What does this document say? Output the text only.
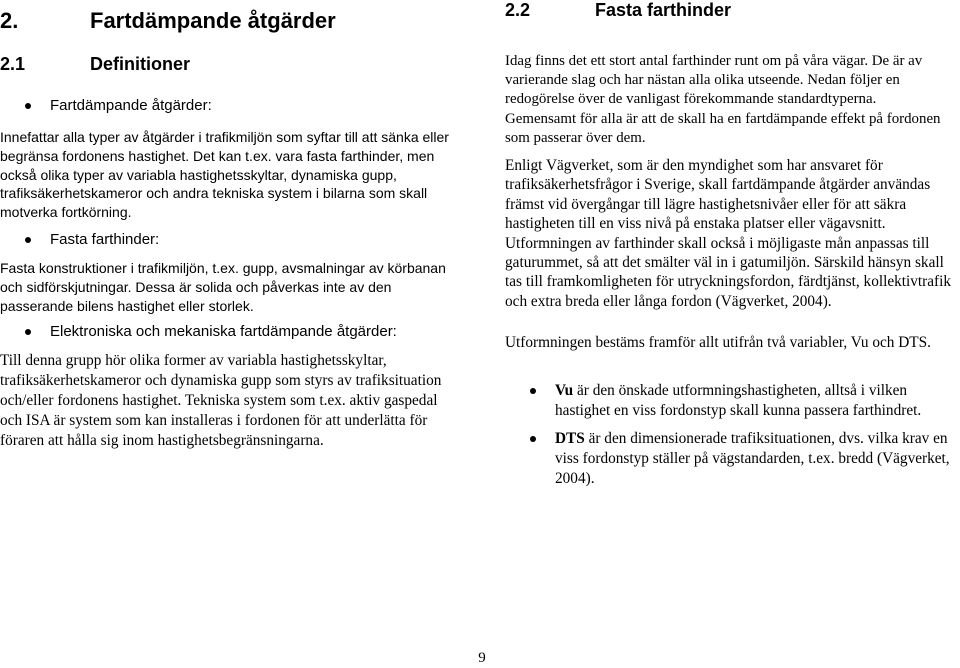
2.	Fartdämpande åtgärder
2.1	Definitioner
Fartdämpande åtgärder:

Innefattar alla typer av åtgärder i trafikmiljön som syftar till att sänka eller begränsa fordonens hastighet. Det kan t.ex. vara fasta farthinder, men också olika typer av variabla hastighetsskyltar, dynamiska gupp, trafiksäkerhetskameror och andra tekniska system i bilarna som skall motverka fortkörning.

Fasta farthinder:

Fasta konstruktioner i trafikmiljön, t.ex. gupp, avsmalningar av körbanan och sidförskjutningar. Dessa är solida och påverkas inte av den passerande bilens hastighet eller storlek.

Elektroniska och mekaniska fartdämpande åtgärder:

Till denna grupp hör olika former av variabla hastighetsskyltar, trafiksäkerhetskameror och dynamiska gupp som styrs av trafiksituation och/eller fordonens hastighet. Tekniska system som t.ex. aktiv gaspedal och ISA är system som kan installeras i fordonen för att underlätta för föraren att hålla sig inom hastighetsbegränsningarna.

2.2	Fasta farthinder

Idag finns det ett stort antal farthinder runt om på våra vägar. De är av varierande slag och har nästan alla olika utseende. Nedan följer en redogörelse över de vanligast förekommande standardtyperna. Gemensamt för alla är att de skall ha en fartdämpande effekt på fordonen som passerar över dem.

Enligt Vägverket, som är den myndighet som har ansvaret för trafiksäkerhetsfrågor i Sverige, skall fartdämpande åtgärder användas främst vid övergångar till lägre hastighetsnivåer eller för att säkra hastigheten till en viss nivå på enstaka platser eller vägavsnitt. Utformningen av farthinder skall också i möjligaste mån anpassas till gaturummet, så att det smälter väl in i gatumiljön. Särskild hänsyn skall tas till framkomligheten för utryckningsfordon, färdtjänst, kollektivtrafik och extra breda eller långa fordon (Vägverket, 2004).

Utformningen bestäms framför allt utifrån två variabler, Vu och DTS.

Vu är den önskade utformningshastigheten, alltså i vilken hastighet en viss fordonstyp skall kunna passera farthindret.
DTS är den dimensionerade trafiksituationen, dvs. vilka krav en viss fordonstyp ställer på vägstandarden, t.ex. bredd (Vägverket, 2004).
9
